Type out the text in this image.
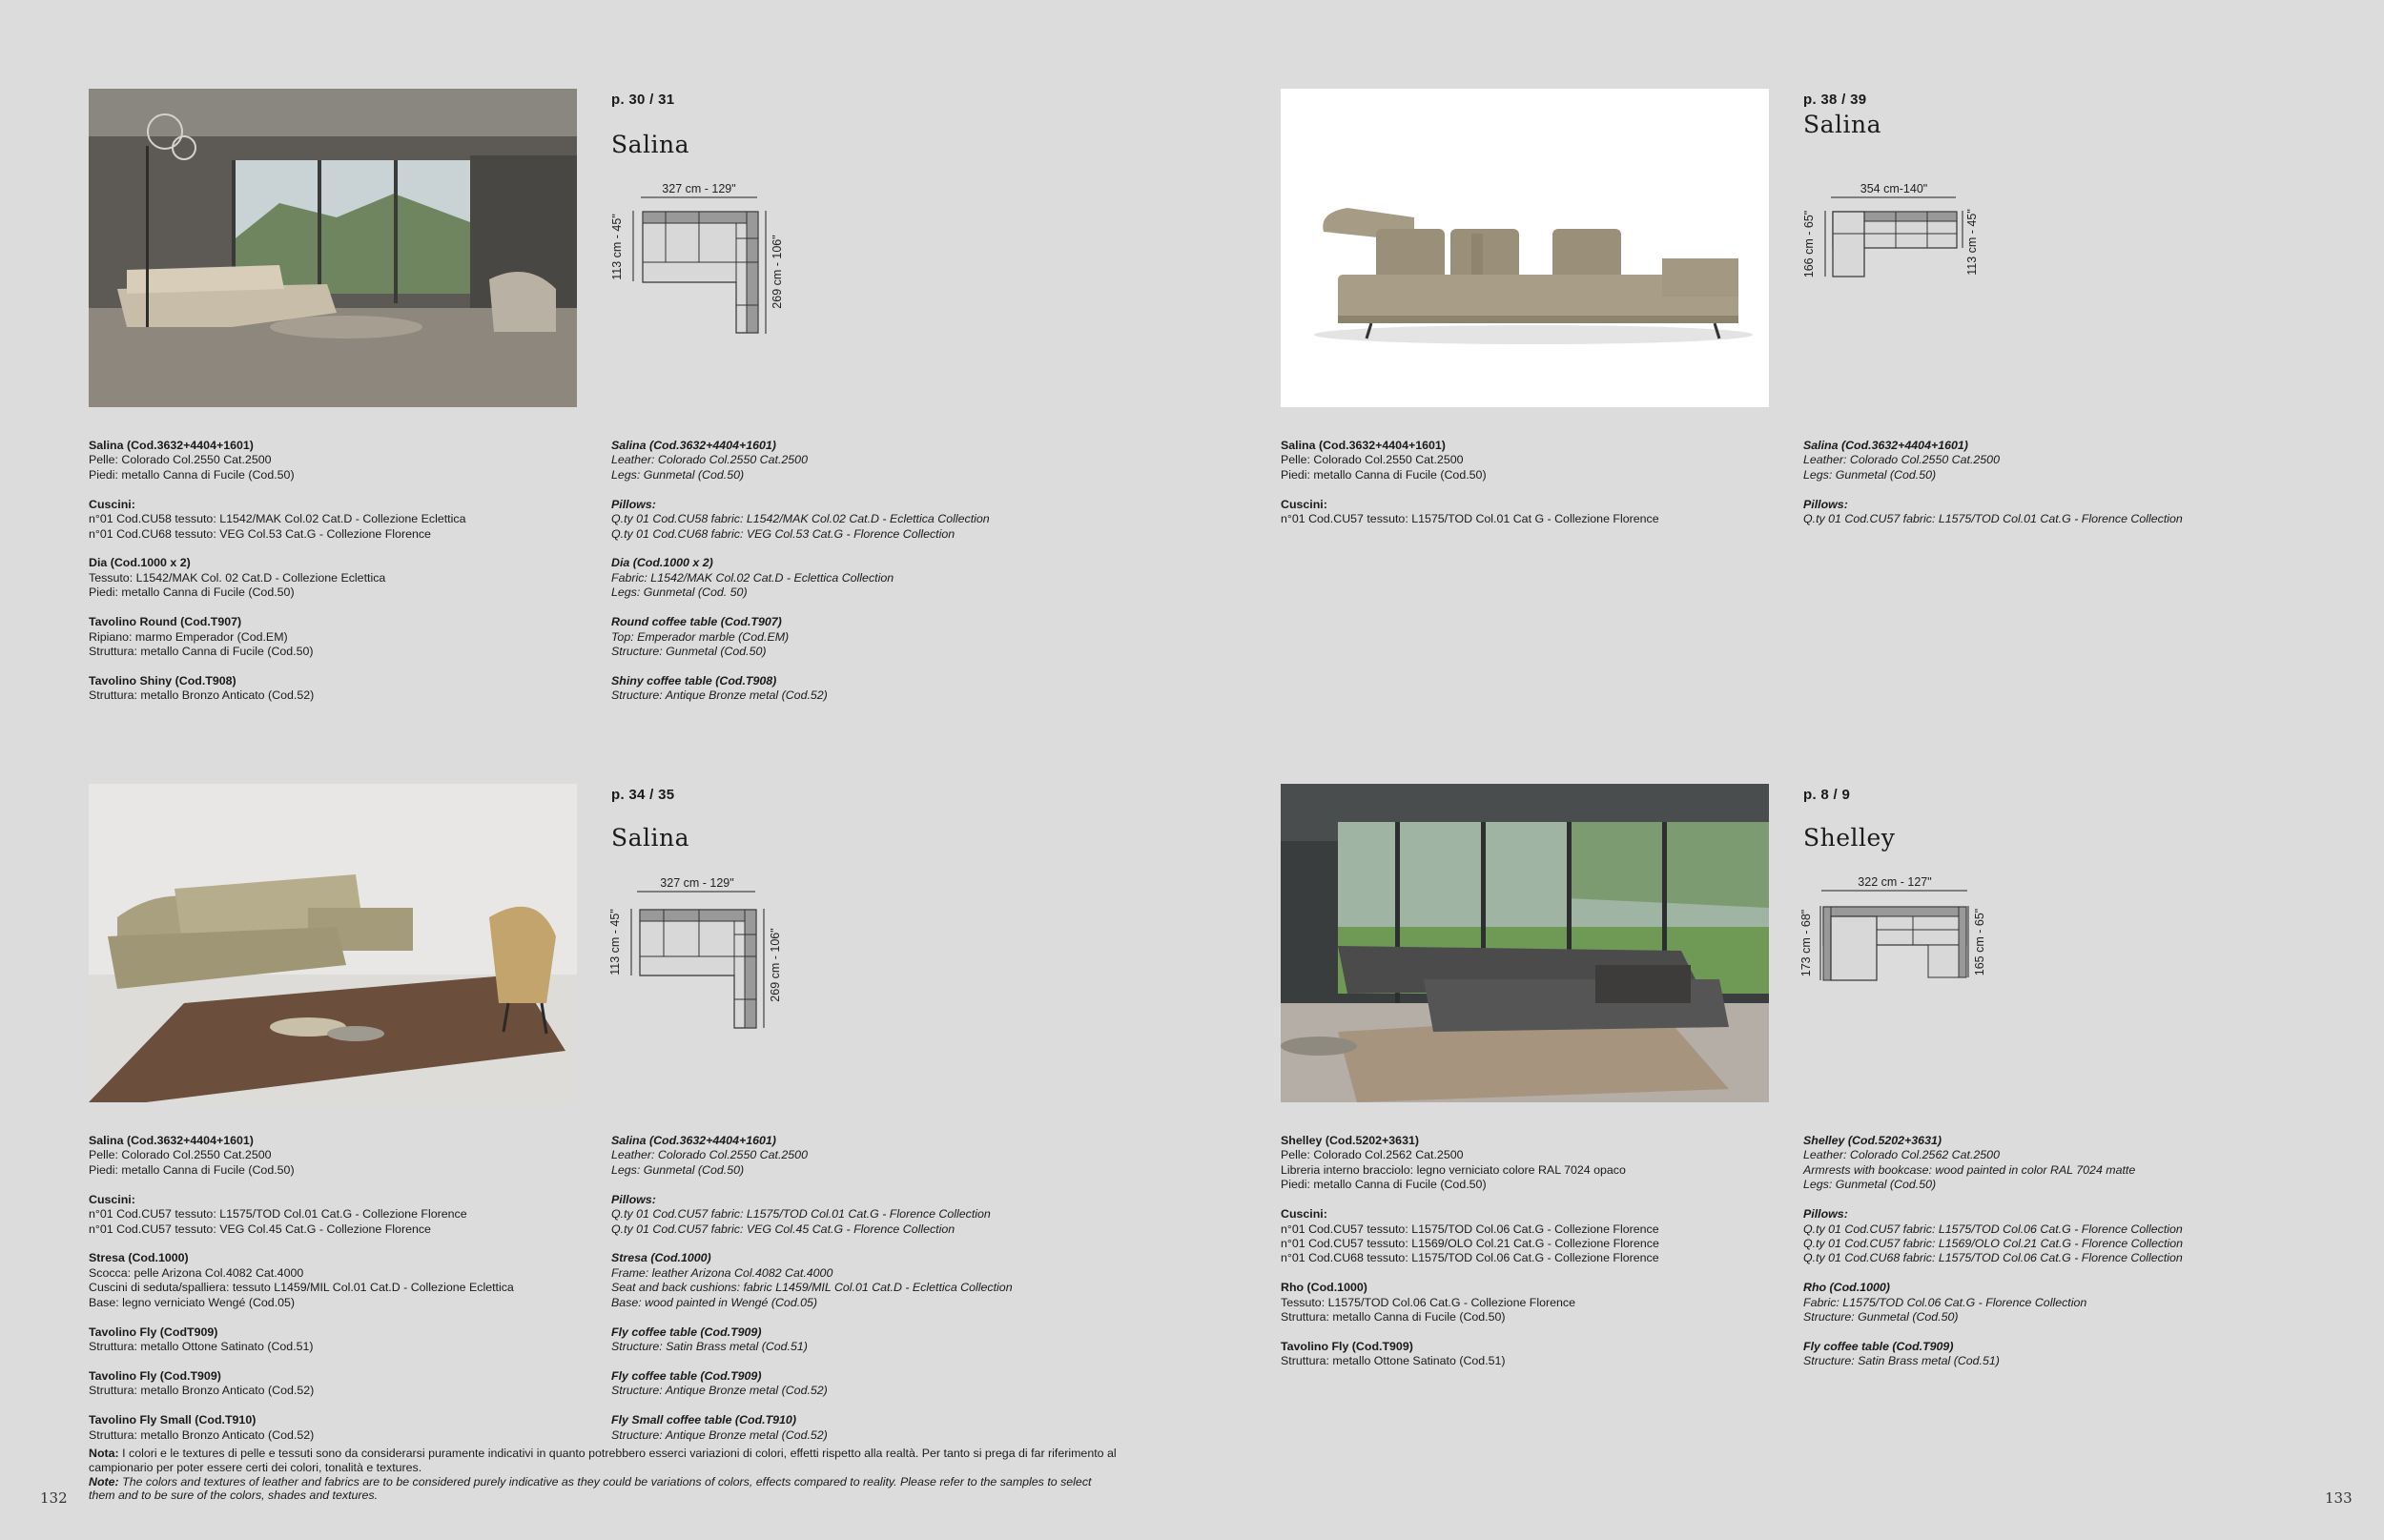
p. 30 / 31
Salina
p. 38 / 39
Salina
p. 34 / 35
Salina
p. 8 / 9
Shelley
327 cm - 129"
113 cm - 45"	269 cm - 106"
354 cm-140"
166 cm - 65"	113 cm - 45"
327 cm - 129"
113 cm - 45"	269 cm - 106"
322 cm - 127"
173 cm - 68"	165 cm - 65"
Salina (Cod.3632+4404+1601)
Pelle: Colorado Col.2550 Cat.2500
Piedi: metallo Canna di Fucile (Cod.50)
Cuscini:
n°01 Cod.CU58 tessuto: L1542/MAK Col.02 Cat.D - Collezione Eclettica
n°01 Cod.CU68 tessuto: VEG Col.53 Cat.G - Collezione Florence
Dia (Cod.1000 x 2)
Tessuto: L1542/MAK Col. 02 Cat.D - Collezione Eclettica
Piedi: metallo Canna di Fucile (Cod.50)
Tavolino Round (Cod.T907)
Ripiano: marmo Emperador (Cod.EM)
Struttura: metallo Canna di Fucile (Cod.50)
Tavolino Shiny (Cod.T908)
Struttura: metallo Bronzo Anticato (Cod.52)
Salina (Cod.3632+4404+1601)
Leather: Colorado Col.2550 Cat.2500
Legs: Gunmetal (Cod.50)
Pillows:
Q.ty 01 Cod.CU58 fabric: L1542/MAK Col.02 Cat.D - Eclettica Collection
Q.ty 01 Cod.CU68 fabric: VEG Col.53 Cat.G - Florence Collection
Dia (Cod.1000 x 2)
Fabric: L1542/MAK Col.02 Cat.D - Eclettica Collection
Legs: Gunmetal (Cod. 50)
Round coffee table (Cod.T907)
Top: Emperador marble (Cod.EM)
Structure: Gunmetal (Cod.50)
Shiny coffee table (Cod.T908)
Structure: Antique Bronze metal (Cod.52)
Salina (Cod.3632+4404+1601)
Pelle: Colorado Col.2550 Cat.2500
Piedi: metallo Canna di Fucile (Cod.50)
Cuscini:
n°01 Cod.CU57 tessuto: L1575/TOD Col.01 Cat G - Collezione Florence
Salina (Cod.3632+4404+1601)
Leather: Colorado Col.2550 Cat.2500
Legs: Gunmetal (Cod.50)
Pillows:
Q.ty 01 Cod.CU57 fabric: L1575/TOD Col.01 Cat.G - Florence Collection
Salina (Cod.3632+4404+1601)
Pelle: Colorado Col.2550 Cat.2500
Piedi: metallo Canna di Fucile (Cod.50)
Cuscini:
n°01 Cod.CU57 tessuto: L1575/TOD Col.01 Cat.G - Collezione Florence
n°01 Cod.CU57 tessuto: VEG Col.45 Cat.G - Collezione Florence
Stresa (Cod.1000)
Scocca: pelle Arizona Col.4082 Cat.4000
Cuscini di seduta/spalliera: tessuto L1459/MIL Col.01 Cat.D - Collezione Eclettica
Base: legno verniciato Wengé (Cod.05)
Tavolino Fly (CodT909)
Struttura: metallo Ottone Satinato (Cod.51)
Tavolino Fly (Cod.T909)
Struttura: metallo Bronzo Anticato (Cod.52)
Tavolino Fly Small (Cod.T910)
Struttura: metallo Bronzo Anticato (Cod.52)
Salina (Cod.3632+4404+1601)
Leather: Colorado Col.2550 Cat.2500
Legs: Gunmetal (Cod.50)
Pillows:
Q.ty 01 Cod.CU57 fabric: L1575/TOD Col.01 Cat.G - Florence Collection
Q.ty 01 Cod.CU57 fabric: VEG Col.45 Cat.G - Florence Collection
Stresa (Cod.1000)
Frame: leather Arizona Col.4082 Cat.4000
Seat and back cushions: fabric L1459/MIL Col.01 Cat.D - Eclettica Collection
Base: wood painted in Wengé (Cod.05)
Fly coffee table (Cod.T909)
Structure: Satin Brass metal (Cod.51)
Fly coffee table (Cod.T909)
Structure: Antique Bronze metal (Cod.52)
Fly Small coffee table (Cod.T910)
Structure: Antique Bronze metal (Cod.52)
Shelley (Cod.5202+3631)
Pelle: Colorado Col.2562 Cat.2500
Libreria interno bracciolo: legno verniciato colore RAL 7024 opaco
Piedi: metallo Canna di Fucile (Cod.50)
Cuscini:
n°01 Cod.CU57 tessuto: L1575/TOD Col.06 Cat.G - Collezione Florence
n°01 Cod.CU57 tessuto: L1569/OLO Col.21 Cat.G - Collezione Florence
n°01 Cod.CU68 tessuto: L1575/TOD Col.06 Cat.G - Collezione Florence
Rho (Cod.1000)
Tessuto: L1575/TOD Col.06 Cat.G - Collezione Florence
Struttura: metallo Canna di Fucile (Cod.50)
Tavolino Fly (Cod.T909)
Struttura: metallo Ottone Satinato (Cod.51)
Shelley (Cod.5202+3631)
Leather: Colorado Col.2562 Cat.2500
Armrests with bookcase: wood painted in color RAL 7024 matte
Legs: Gunmetal (Cod.50)
Pillows:
Q.ty 01 Cod.CU57 fabric: L1575/TOD Col.06 Cat.G - Florence Collection
Q.ty 01 Cod.CU57 fabric: L1569/OLO Col.21 Cat.G - Florence Collection
Q.ty 01 Cod.CU68 fabric: L1575/TOD Col.06 Cat.G - Florence Collection
Rho (Cod.1000)
Fabric: L1575/TOD Col.06 Cat.G - Florence Collection
Structure: Gunmetal (Cod.50)
Fly coffee table (Cod.T909)
Structure: Satin Brass metal (Cod.51)
Nota: I colori e le textures di pelle e tessuti sono da considerarsi puramente indicativi in quanto potrebbero esserci variazioni di colori, effetti rispetto alla realtà. Per tanto si prega di far riferimento al campionario per poter essere certi dei colori, tonalità e textures.
Note: The colors and textures of leather and fabrics are to be considered purely indicative as they could be variations of colors, effects compared to reality. Please refer to the samples to select them and to be sure of the colors, shades and textures.
132	133
